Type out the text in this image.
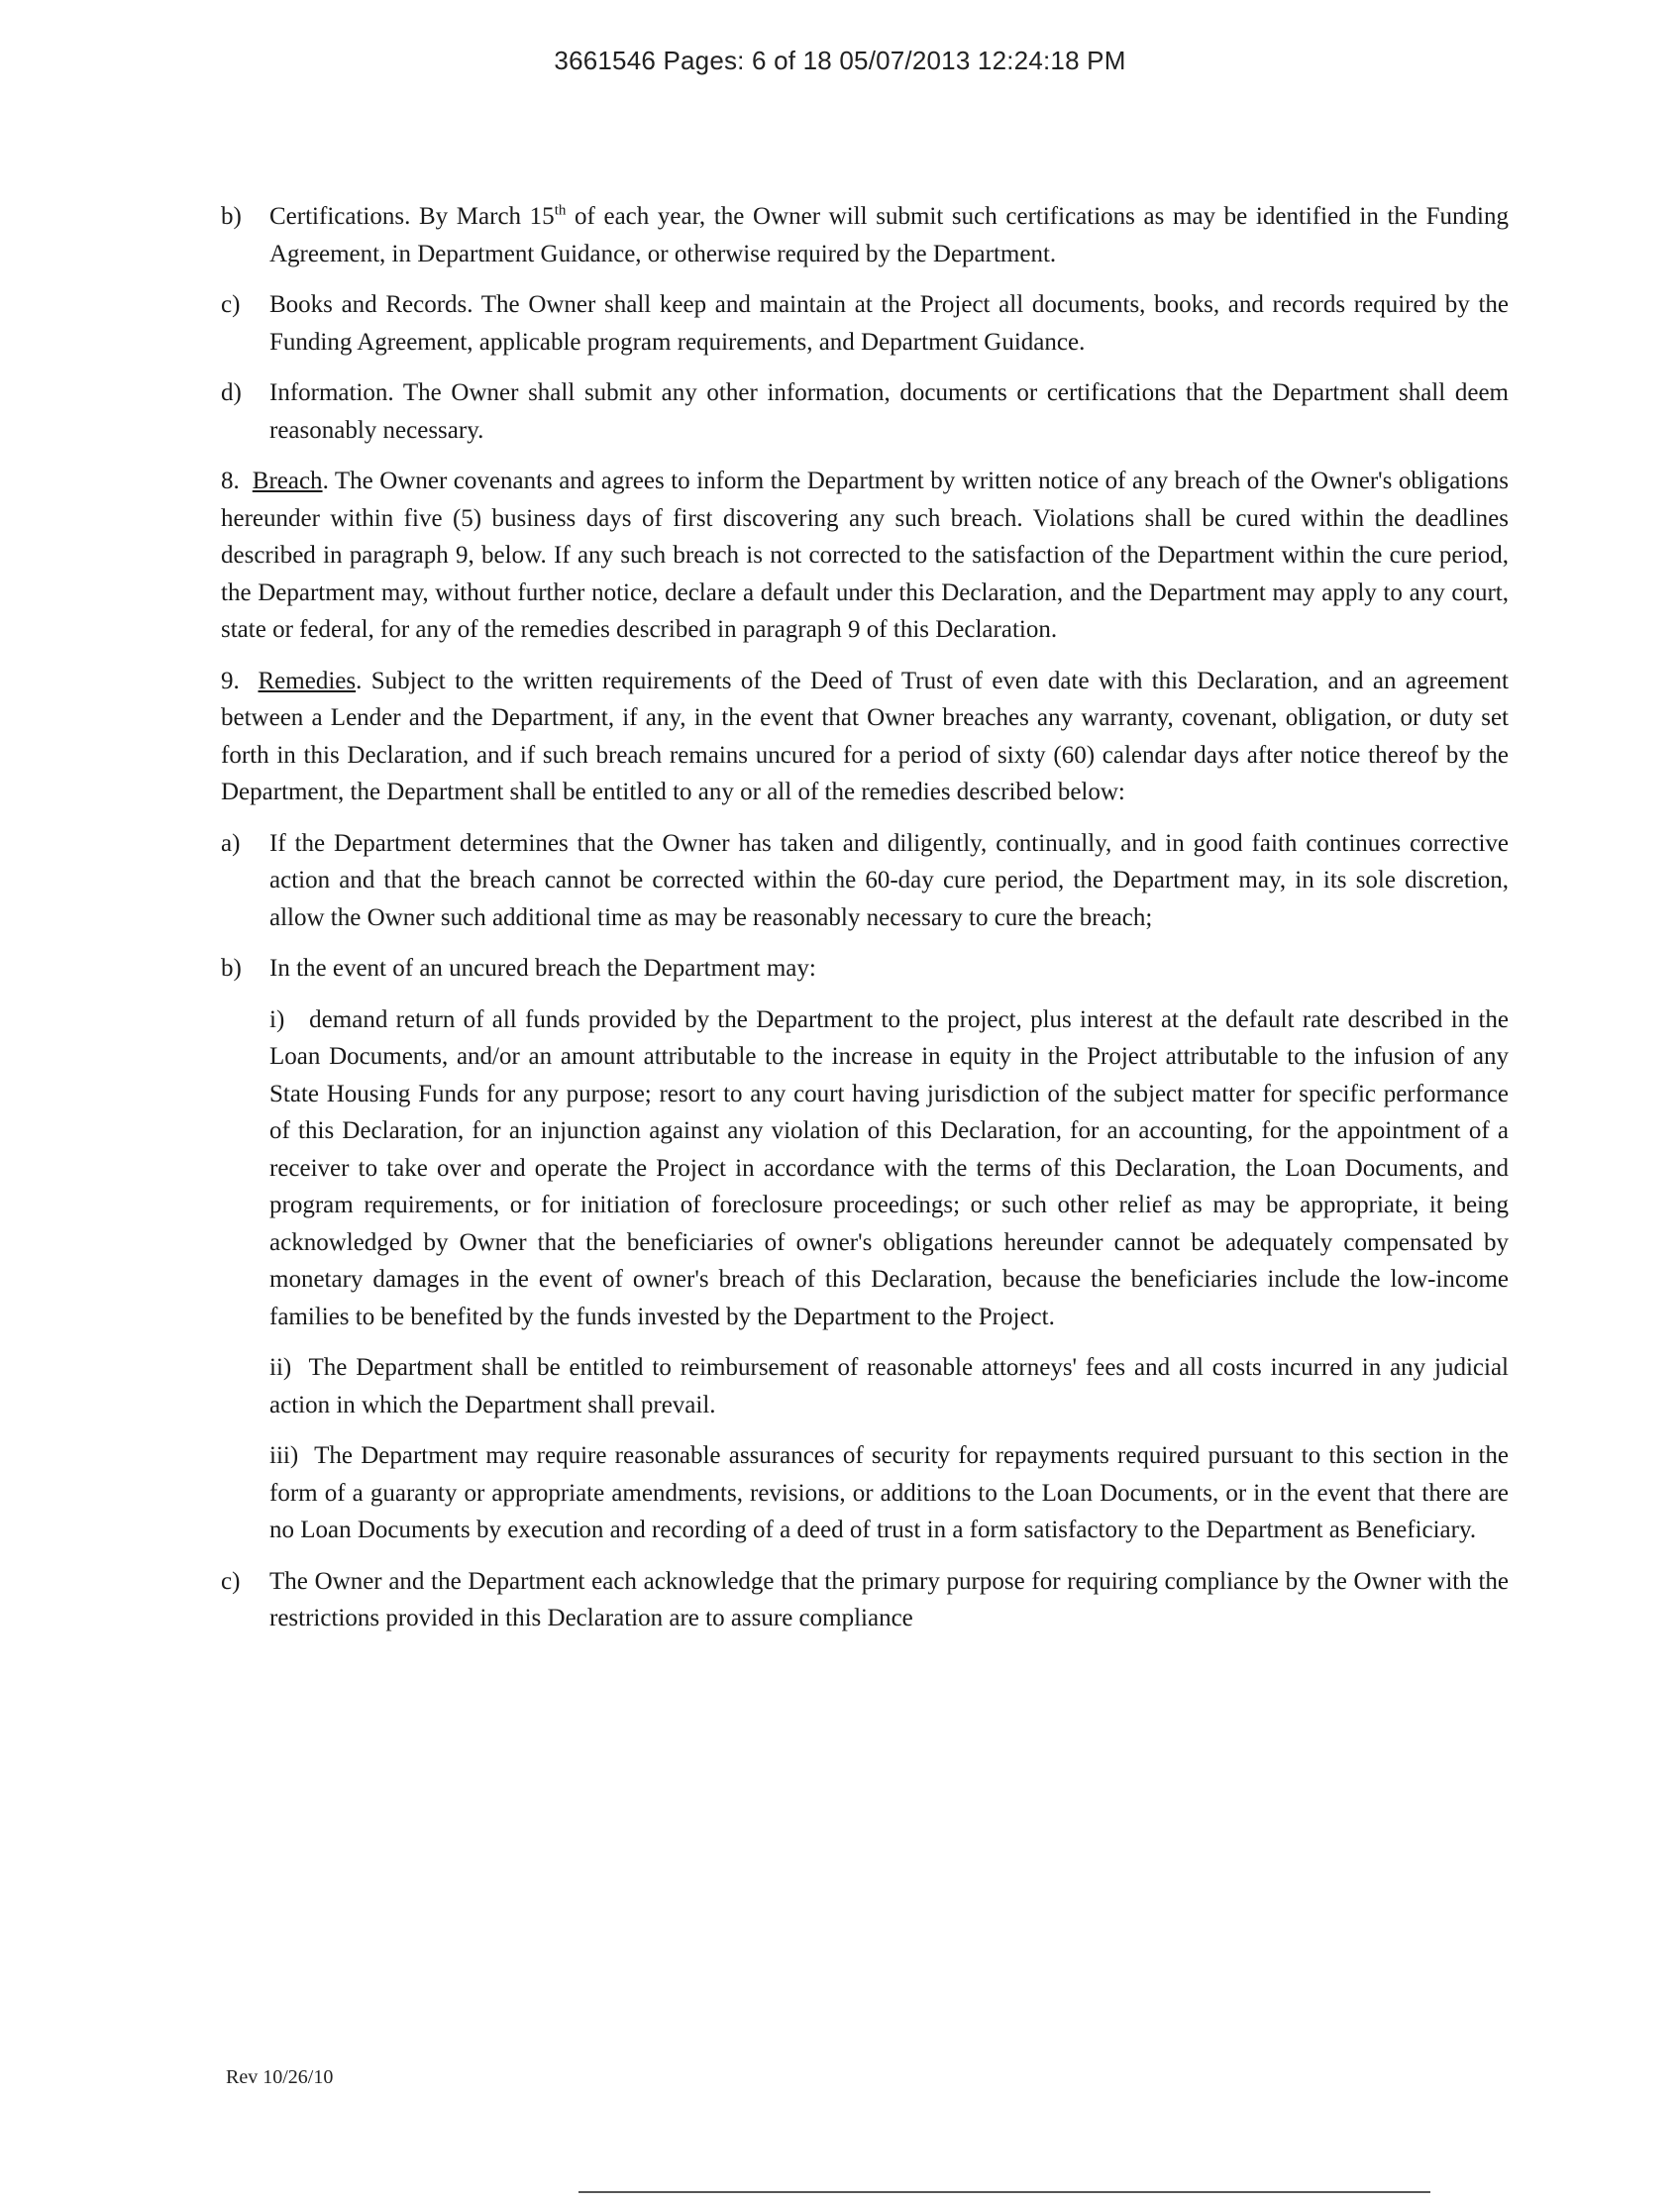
3661546 Pages: 6 of 18 05/07/2013 12:24:18 PM
b) Certifications. By March 15th of each year, the Owner will submit such certifications as may be identified in the Funding Agreement, in Department Guidance, or otherwise required by the Department.
c) Books and Records. The Owner shall keep and maintain at the Project all documents, books, and records required by the Funding Agreement, applicable program requirements, and Department Guidance.
d) Information. The Owner shall submit any other information, documents or certifications that the Department shall deem reasonably necessary.
8. Breach. The Owner covenants and agrees to inform the Department by written notice of any breach of the Owner's obligations hereunder within five (5) business days of first discovering any such breach. Violations shall be cured within the deadlines described in paragraph 9, below. If any such breach is not corrected to the satisfaction of the Department within the cure period, the Department may, without further notice, declare a default under this Declaration, and the Department may apply to any court, state or federal, for any of the remedies described in paragraph 9 of this Declaration.
9. Remedies. Subject to the written requirements of the Deed of Trust of even date with this Declaration, and an agreement between a Lender and the Department, if any, in the event that Owner breaches any warranty, covenant, obligation, or duty set forth in this Declaration, and if such breach remains uncured for a period of sixty (60) calendar days after notice thereof by the Department, the Department shall be entitled to any or all of the remedies described below:
a) If the Department determines that the Owner has taken and diligently, continually, and in good faith continues corrective action and that the breach cannot be corrected within the 60-day cure period, the Department may, in its sole discretion, allow the Owner such additional time as may be reasonably necessary to cure the breach;
b) In the event of an uncured breach the Department may:
i)   demand return of all funds provided by the Department to the project, plus interest at the default rate described in the Loan Documents, and/or an amount attributable to the increase in equity in the Project attributable to the infusion of any State Housing Funds for any purpose; resort to any court having jurisdiction of the subject matter for specific performance of this Declaration, for an injunction against any violation of this Declaration, for an accounting, for the appointment of a receiver to take over and operate the Project in accordance with the terms of this Declaration, the Loan Documents, and program requirements, or for initiation of foreclosure proceedings; or such other relief as may be appropriate, it being acknowledged by Owner that the beneficiaries of owner's obligations hereunder cannot be adequately compensated by monetary damages in the event of owner's breach of this Declaration, because the beneficiaries include the low-income families to be benefited by the funds invested by the Department to the Project.
ii)  The Department shall be entitled to reimbursement of reasonable attorneys' fees and all costs incurred in any judicial action in which the Department shall prevail.
iii)  The Department may require reasonable assurances of security for repayments required pursuant to this section in the form of a guaranty or appropriate amendments, revisions, or additions to the Loan Documents, or in the event that there are no Loan Documents by execution and recording of a deed of trust in a form satisfactory to the Department as Beneficiary.
c) The Owner and the Department each acknowledge that the primary purpose for requiring compliance by the Owner with the restrictions provided in this Declaration are to assure compliance
Rev 10/26/10
